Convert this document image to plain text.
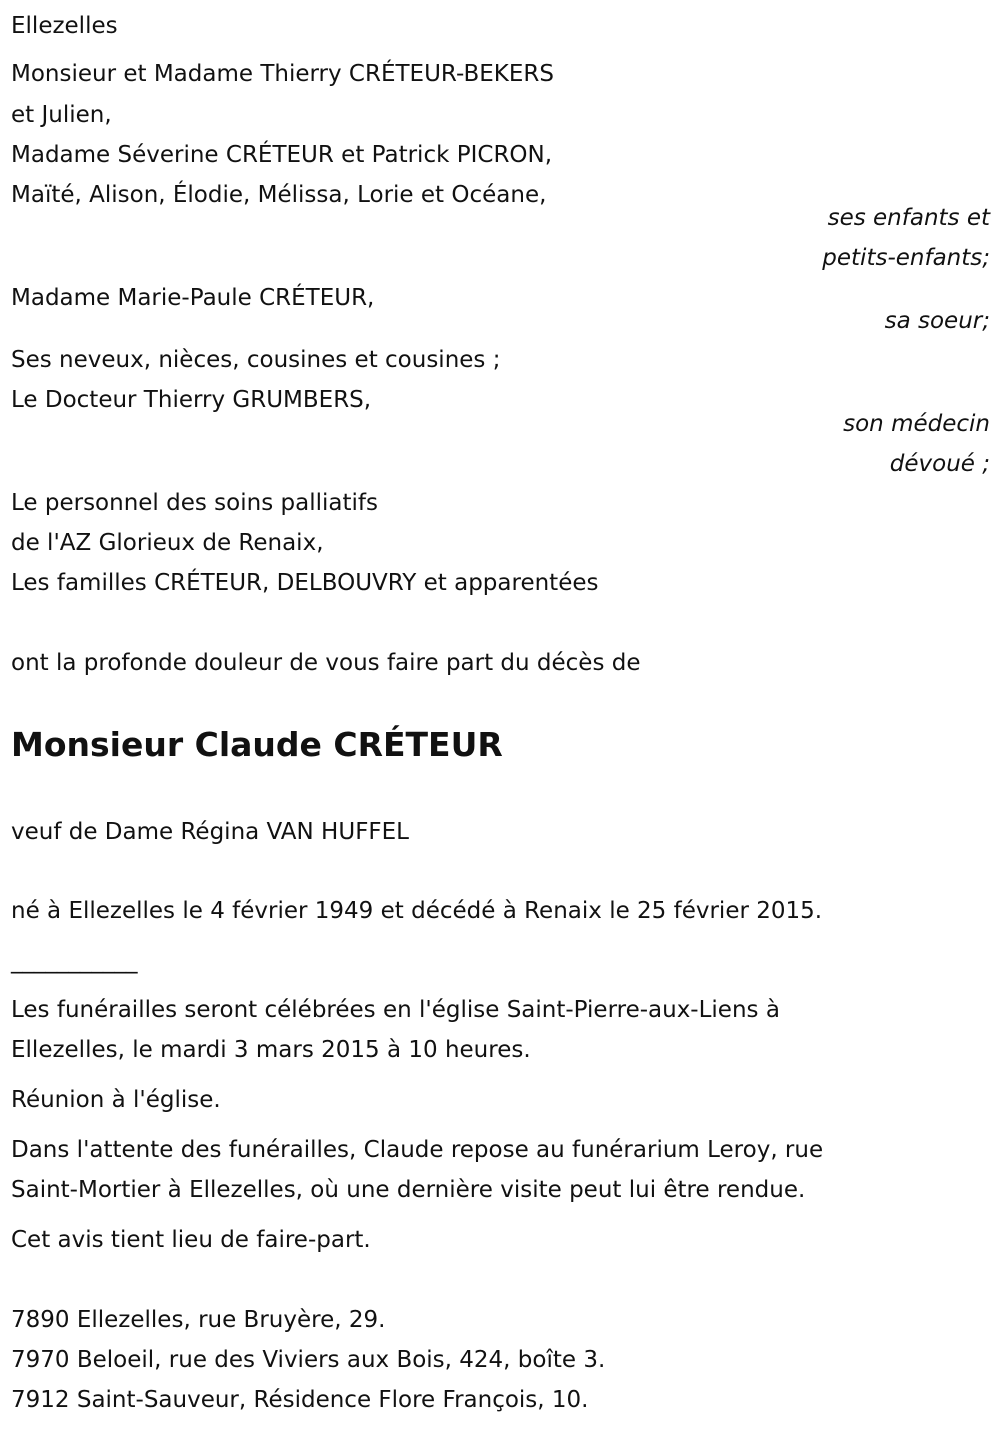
Ellezelles
Monsieur et Madame Thierry CRÉTEUR-BEKERS
et Julien,
Madame Séverine CRÉTEUR et Patrick PICRON,
Maïté, Alison, Élodie, Mélissa, Lorie et Océane,
ses enfants et
petits-enfants;
Madame Marie-Paule CRÉTEUR,
sa soeur;
Ses neveux, nièces, cousines et cousines ;
Le Docteur Thierry GRUMBERS,
son médecin
dévoué ;
Le personnel des soins palliatifs
de l'AZ Glorieux de Renaix,
Les familles CRÉTEUR, DELBOUVRY et apparentées
ont la profonde douleur de vous faire part du décès de
Monsieur Claude CRÉTEUR
veuf de Dame Régina VAN HUFFEL
né à Ellezelles le 4 février 1949 et décédé à Renaix le 25 février 2015.
___________
Les funérailles seront célébrées en l'église Saint-Pierre-aux-Liens à
Ellezelles, le mardi 3 mars 2015 à 10 heures.
Réunion à l'église.
Dans l'attente des funérailles, Claude repose au funérarium Leroy, rue
Saint-Mortier à Ellezelles, où une dernière visite peut lui être rendue.
Cet avis tient lieu de faire-part.
7890 Ellezelles, rue Bruyère, 29.
7970 Beloeil, rue des Viviers aux Bois, 424, boîte 3.
7912 Saint-Sauveur, Résidence Flore François, 10.
